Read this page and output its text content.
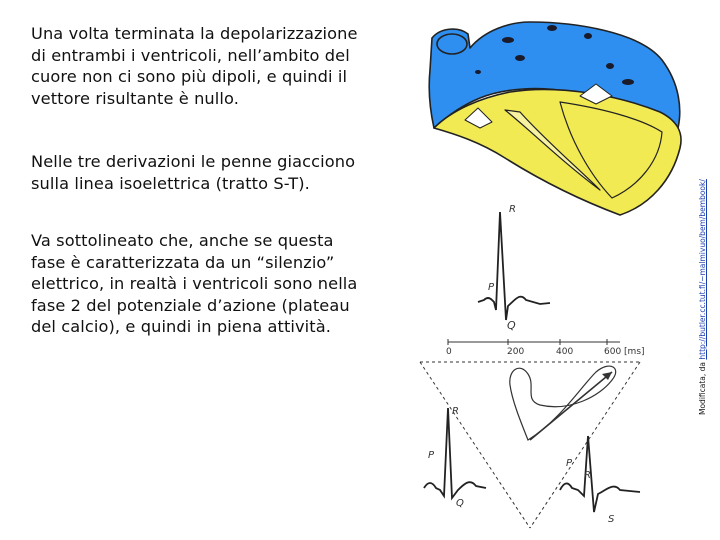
Una volta terminata la depolarizzazione di entrambi i ventricoli, nell’ambito del cuore non ci sono più dipoli, e quindi il vettore risultante è nullo.
Nelle tre derivazioni le penne giacciono sulla linea isoelettrica (tratto S-T).
Va sottolineato che, anche se questa fase è caratterizzata da un “silenzio” elettrico, in realtà i ventricoli sono nella fase 2 del potenziale d’azione (plateau del calcio), e quindi in piena attività.
Modificata, da http://butler.cc.tut.fi/~malmivuo/bem/bembook/
R
P
Q
0	200	400	600 [ms]
R
P
Q
R
P
S
